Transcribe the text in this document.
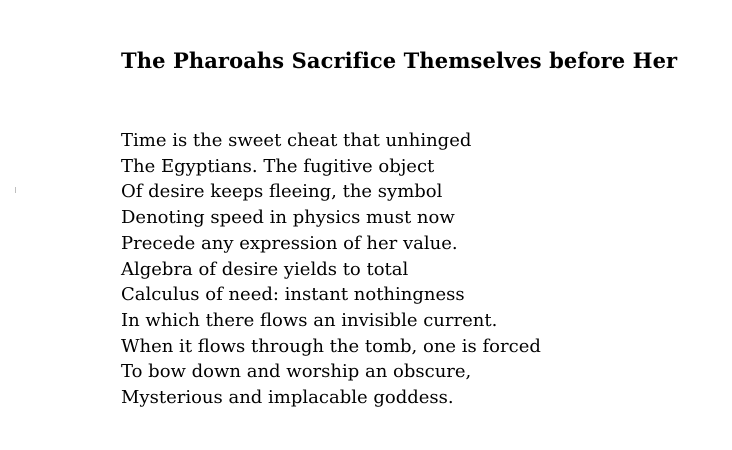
The Pharoahs Sacrifice Themselves before Her
Time is the sweet cheat that unhinged
The Egyptians. The fugitive object
Of desire keeps fleeing, the symbol
Denoting speed in physics must now
Precede any expression of her value.
Algebra of desire yields to total
Calculus of need: instant nothingness
In which there flows an invisible current.
When it flows through the tomb, one is forced
To bow down and worship an obscure,
Mysterious and implacable goddess.
